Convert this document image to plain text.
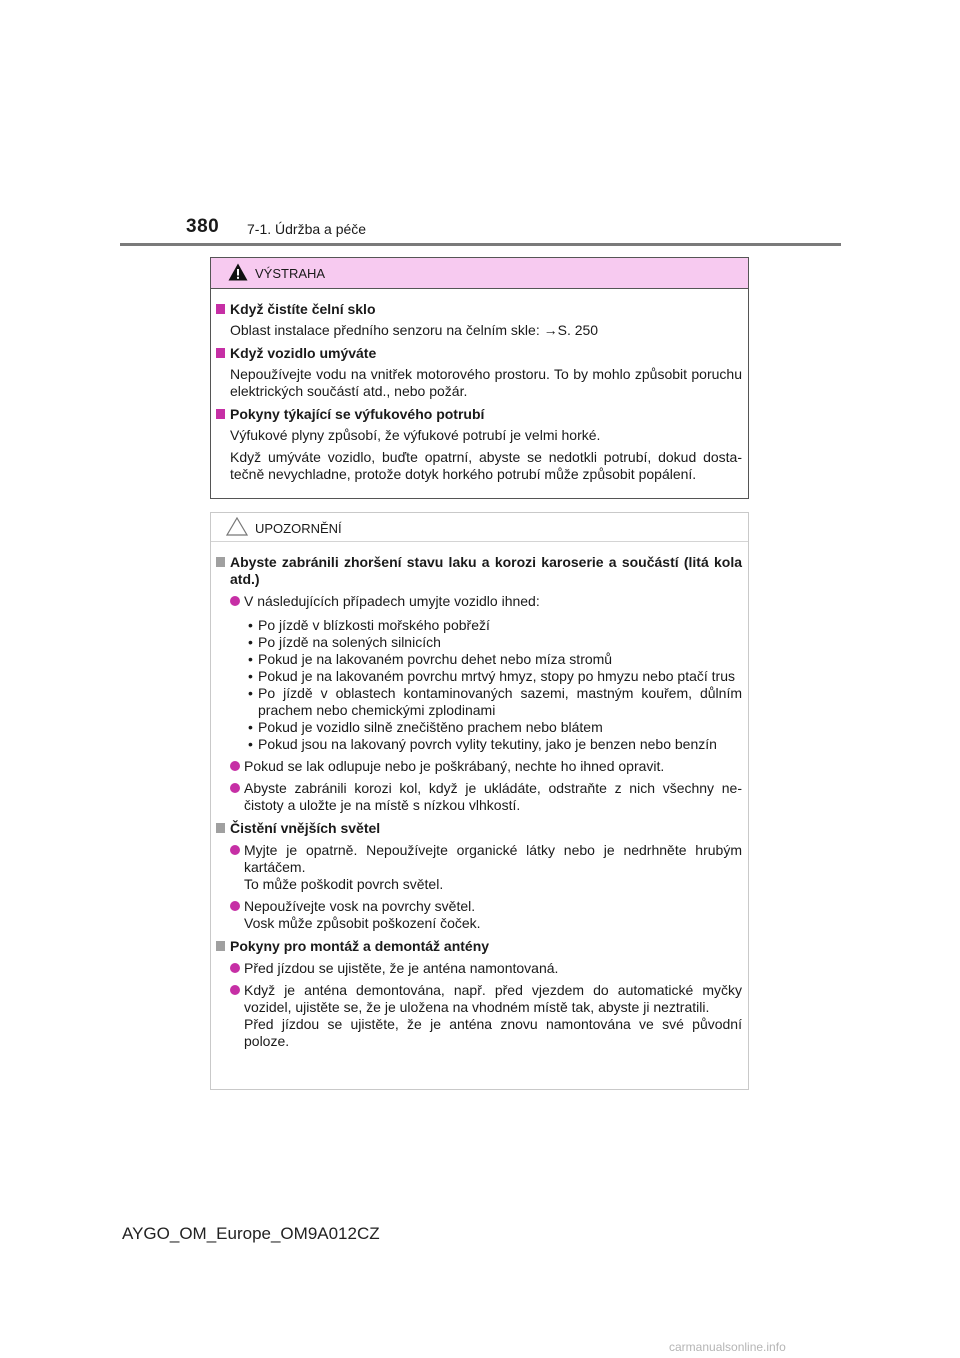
380 7-1. Údržba a péče
VÝSTRAHA
Když čistíte čelní sklo
Oblast instalace předního senzoru na čelním skle: →S. 250
Když vozidlo umýváte
Nepoužívejte vodu na vnitřek motorového prostoru. To by mohlo způsobit poruchu elektrických součástí atd., nebo požár.
Pokyny týkající se výfukového potrubí
Výfukové plyny způsobí, že výfukové potrubí je velmi horké.
Když umýváte vozidlo, buďte opatrní, abyste se nedotkli potrubí, dokud dosta- tečně nevychladne, protože dotyk horkého potrubí může způsobit popálení.
UPOZORNĚNÍ
Abyste zabránili zhoršení stavu laku a korozi karoserie a součástí (litá kola atd.)
V následujících případech umyjte vozidlo ihned:
• Po jízdě v blízkosti mořského pobřeží
• Po jízdě na solených silnicích
• Pokud je na lakovaném povrchu dehet nebo míza stromů
• Pokud je na lakovaném povrchu mrtvý hmyz, stopy po hmyzu nebo ptačí trus
• Po jízdě v oblastech kontaminovaných sazemi, mastným kouřem, důlním prachem nebo chemickými zplodinami
• Pokud je vozidlo silně znečištěno prachem nebo blátem
• Pokud jsou na lakovaný povrch vylity tekutiny, jako je benzen nebo benzín
Pokud se lak odlupuje nebo je poškrábaný, nechte ho ihned opravit.
Abyste zabránili korozi kol, když je ukládáte, odstraňte z nich všechny ne- čistoty a uložte je na místě s nízkou vlhkostí.
Čistění vnějších světel
Myjte je opatrně. Nepoužívejte organické látky nebo je nedrhněte hrubým kartáčem.
To může poškodit povrch světel.
Nepoužívejte vosk na povrchy světel.
Vosk může způsobit poškození čoček.
Pokyny pro montáž a demontáž antény
Před jízdou se ujistěte, že je anténa namontovaná.
Když je anténa demontována, např. před vjezdem do automatické myčky vozidel, ujistěte se, že je uložena na vhodném místě tak, abyste ji neztratili.
Před jízdou se ujistěte, že je anténa znovu namontována ve své původní poloze.
AYGO_OM_Europe_OM9A012CZ
carmanualsonline.info
